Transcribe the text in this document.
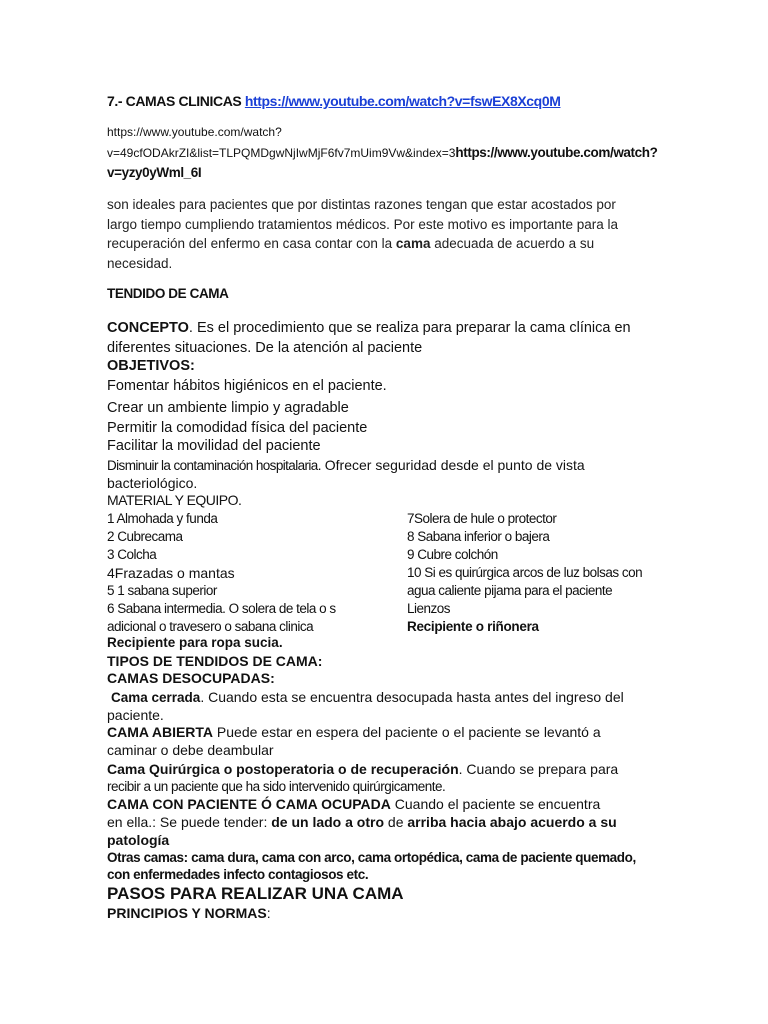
7.- CAMAS CLINICAS https://www.youtube.com/watch?v=fswEX8Xcq0M
https://www.youtube.com/watch?
v=49cfODAkrZI&list=TLPQMDgwNjIwMjF6fv7mUim9Vw&index=3https://www.youtube.com/watch?
v=yzy0yWml_6I
son ideales para pacientes que por distintas razones tengan que estar acostados por
largo tiempo cumpliendo tratamientos médicos. Por este motivo es importante para la
recuperación del enfermo en casa contar con la cama adecuada de acuerdo a su
necesidad.
TENDIDO DE CAMA
CONCEPTO. Es el procedimiento que se realiza para preparar la cama clínica en
diferentes situaciones. De la atención al paciente
OBJETIVOS:
Fomentar hábitos higiénicos en el paciente.
Crear un ambiente limpio y agradable
Permitir la comodidad física del paciente
Facilitar la movilidad del paciente
Disminuir la contaminación hospitalaria. Ofrecer seguridad desde el punto de vista
bacteriológico.
MATERIAL Y EQUIPO.
1 Almohada y funda
2 Cubrecama
3 Colcha
4Frazadas o mantas
5 1 sabana superior
6 Sabana intermedia. O solera de tela o s
adicional o travesero o sabana clinica
7Solera de hule o protector
8 Sabana inferior o bajera
9 Cubre colchón
10 Si es quirúrgica arcos de luz bolsas con
agua caliente pijama para el paciente
Lienzos
Recipiente o riñonera
Recipiente para ropa sucia.
TIPOS DE TENDIDOS DE CAMA:
CAMAS DESOCUPADAS:
Cama cerrada. Cuando esta se encuentra desocupada hasta antes del ingreso del
paciente.
CAMA ABIERTA Puede estar en espera del paciente o el paciente se levantó a
caminar o debe deambular
Cama Quirúrgica o postoperatoria o de recuperación. Cuando se prepara para
recibir a un paciente que ha sido intervenido quirúrgicamente.
CAMA CON PACIENTE Ó CAMA OCUPADA Cuando el paciente se encuentra
en ella.: Se puede tender: de un lado a otro de arriba hacia abajo acuerdo a su
patología
Otras camas: cama dura, cama con arco, cama ortopédica, cama de paciente quemado,
con enfermedades infecto contagiosos etc.
PASOS PARA REALIZAR UNA CAMA
PRINCIPIOS Y NORMAS:
